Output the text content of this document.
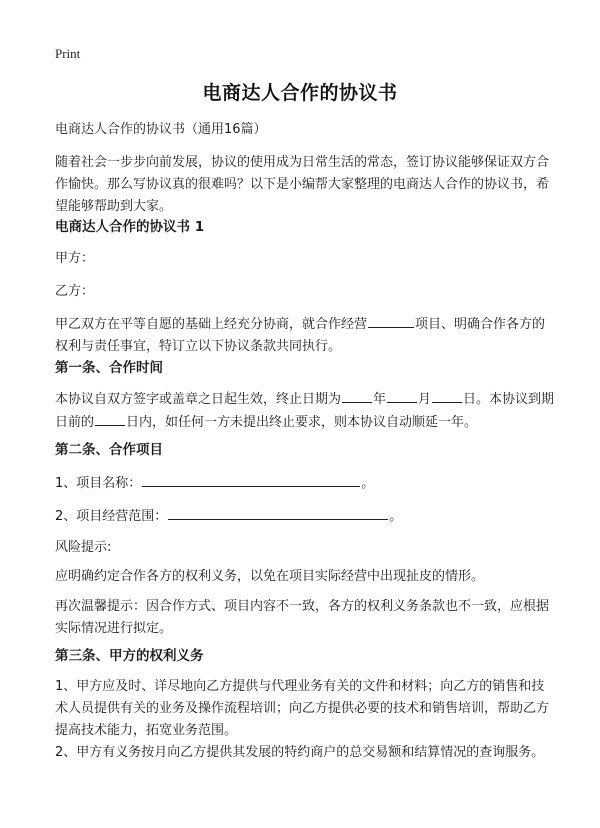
Print
电商达人合作的协议书
电商达人合作的协议书（通用16篇）
随着社会一步步向前发展，协议的使用成为日常生活的常态，签订协议能够保证双方合作愉快。那么写协议真的很难吗？以下是小编帮大家整理的电商达人合作的协议书，希望能够帮助到大家。
电商达人合作的协议书 1
甲方：
乙方：
甲乙双方在平等自愿的基础上经充分协商，就合作经营	项目、明确合作各方的权利与责任事宜，特订立以下协议条款共同执行。
第一条、合作时间
本协议自双方签字或盖章之日起生效，终止日期为 年 月 日。本协议到期日前的 日内，如任何一方未提出终止要求，则本协议自动顺延一年。
第二条、合作项目
1、项目名称：	。
2、项目经营范围：	。
风险提示:
应明确约定合作各方的权利义务，以免在项目实际经营中出现扯皮的情形。
再次温馨提示：因合作方式、项目内容不一致，各方的权利义务条款也不一致，应根据实际情况进行拟定。
第三条、甲方的权利义务
1、甲方应及时、详尽地向乙方提供与代理业务有关的文件和材料；向乙方的销售和技术人员提供有关的业务及操作流程培训；向乙方提供必要的技术和销售培训，帮助乙方提高技术能力，拓宽业务范围。
2、甲方有义务按月向乙方提供其发展的特约商户的总交易额和结算情况的查询服务。
